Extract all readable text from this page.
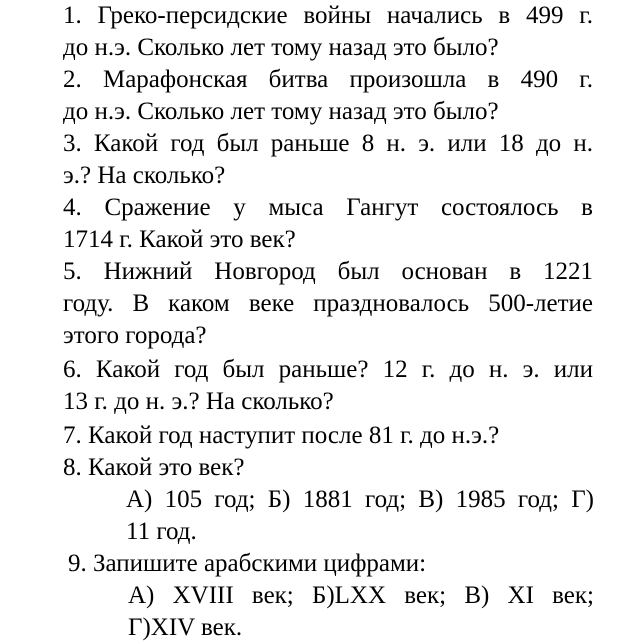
1. Греко-персидские войны начались в 499 г.
до н.э. Сколько лет тому назад это было?
2. Марафонская битва произошла в 490 г.
до н.э. Сколько лет тому назад это было?
3. Какой год был раньше 8 н. э. или 18 до н.
э.? На сколько?
4. Сражение у мыса Гангут состоялось в
1714 г. Какой это век?
5. Нижний Новгород был основан в 1221
году. В каком веке праздновалось 500-летие
этого города?
6. Какой год был раньше? 12 г. до н. э. или
13 г. до н. э.? На сколько?
7. Какой год наступит после 81 г. до н.э.?
8. Какой это век?
А) 105 год; Б) 1881 год; В) 1985 год; Г)
11 год.
9. Запишите арабскими цифрами:
А) XVIII век; Б)LXX век; В) XI век;
Г)XIV век.
